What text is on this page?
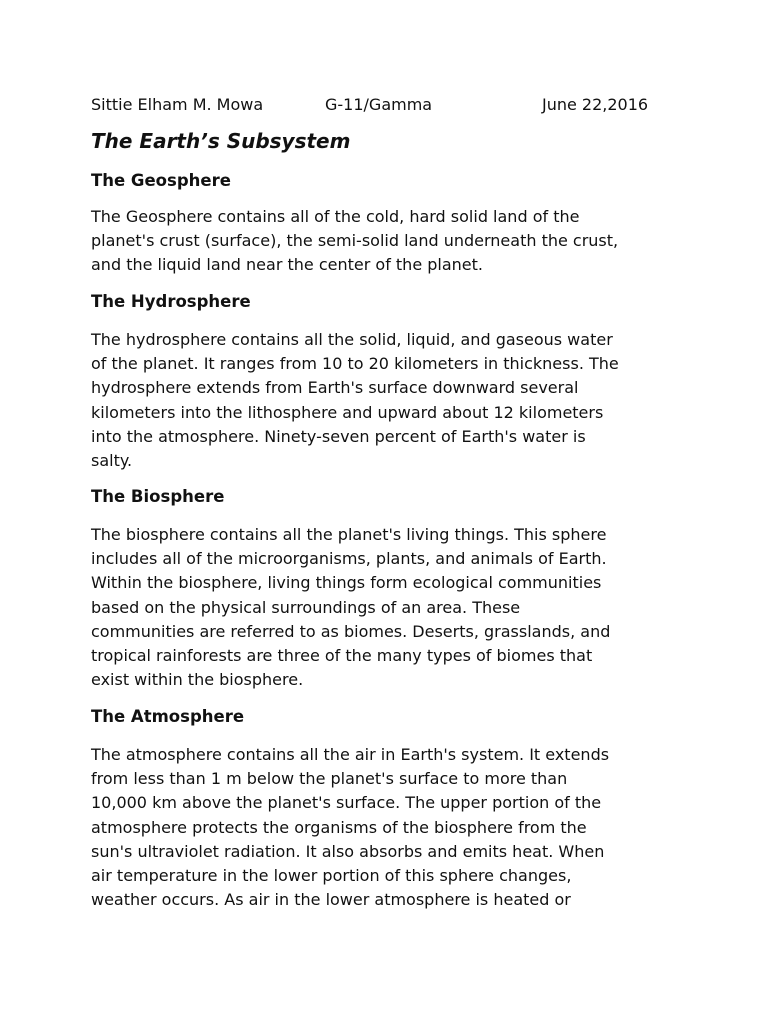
Sittie Elham M. Mowa	G-11/Gamma	June 22,2016
The Earth’s Subsystem
The Geosphere
The Geosphere contains all of the cold, hard solid land of the
planet's crust (surface), the semi-solid land underneath the crust,
and the liquid land near the center of the planet.
The Hydrosphere
The hydrosphere contains all the solid, liquid, and gaseous water
of the planet. It ranges from 10 to 20 kilometers in thickness. The
hydrosphere extends from Earth's surface downward several
kilometers into the lithosphere and upward about 12 kilometers
into the atmosphere. Ninety-seven percent of Earth's water is
salty.
The Biosphere
The biosphere contains all the planet's living things. This sphere
includes all of the microorganisms, plants, and animals of Earth.
Within the biosphere, living things form ecological communities
based on the physical surroundings of an area. These
communities are referred to as biomes. Deserts, grasslands, and
tropical rainforests are three of the many types of biomes that
exist within the biosphere.
The Atmosphere
The atmosphere contains all the air in Earth's system. It extends
from less than 1 m below the planet's surface to more than
10,000 km above the planet's surface. The upper portion of the
atmosphere protects the organisms of the biosphere from the
sun's ultraviolet radiation. It also absorbs and emits heat. When
air temperature in the lower portion of this sphere changes,
weather occurs. As air in the lower atmosphere is heated or
